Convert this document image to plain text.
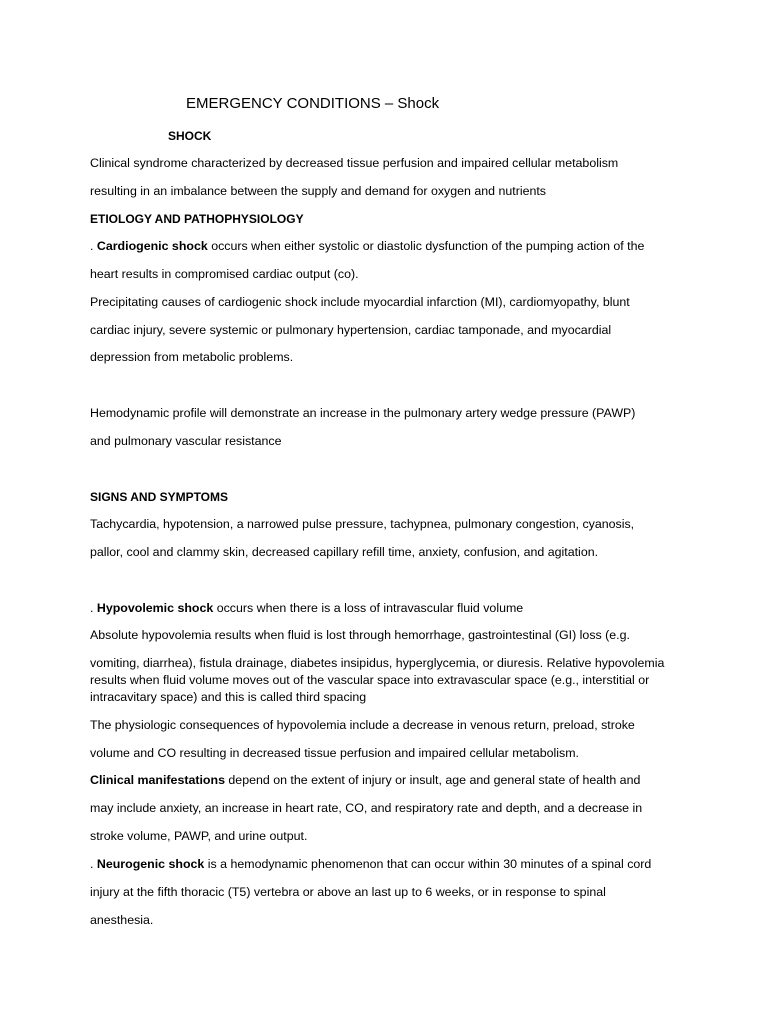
EMERGENCY CONDITIONS – Shock
SHOCK
Clinical syndrome characterized by decreased tissue perfusion and impaired cellular metabolism
resulting in an imbalance between the supply and demand for oxygen and nutrients
ETIOLOGY AND PATHOPHYSIOLOGY
. Cardiogenic shock occurs when either systolic or diastolic dysfunction of the pumping action of the
heart results in compromised cardiac output (co).
Precipitating causes of cardiogenic shock include myocardial infarction (MI), cardiomyopathy, blunt
cardiac injury, severe systemic or pulmonary hypertension, cardiac tamponade, and myocardial
depression from metabolic problems.
Hemodynamic profile will demonstrate an increase in the pulmonary artery wedge pressure (PAWP)
and pulmonary vascular resistance
SIGNS AND SYMPTOMS
Tachycardia, hypotension, a narrowed pulse pressure, tachypnea, pulmonary congestion, cyanosis,
pallor, cool and clammy skin, decreased capillary refill time, anxiety, confusion, and agitation.
. Hypovolemic shock occurs when there is a loss of intravascular fluid volume
Absolute hypovolemia results when fluid is lost through hemorrhage, gastrointestinal (GI) loss (e.g.
vomiting, diarrhea), fistula drainage, diabetes insipidus, hyperglycemia, or diuresis. Relative hypovolemia
results when fluid volume moves out of the vascular space into extravascular space (e.g., interstitial or
intracavitary space) and this is called third spacing
The physiologic consequences of hypovolemia include a decrease in venous return, preload, stroke
volume and CO resulting in decreased tissue perfusion and impaired cellular metabolism.
Clinical manifestations depend on the extent of injury or insult, age and general state of health and
may include anxiety, an increase in heart rate, CO, and respiratory rate and depth, and a decrease in
stroke volume, PAWP, and urine output.
. Neurogenic shock is a hemodynamic phenomenon that can occur within 30 minutes of a spinal cord
injury at the fifth thoracic (T5) vertebra or above an last up to 6 weeks, or in response to spinal
anesthesia.
